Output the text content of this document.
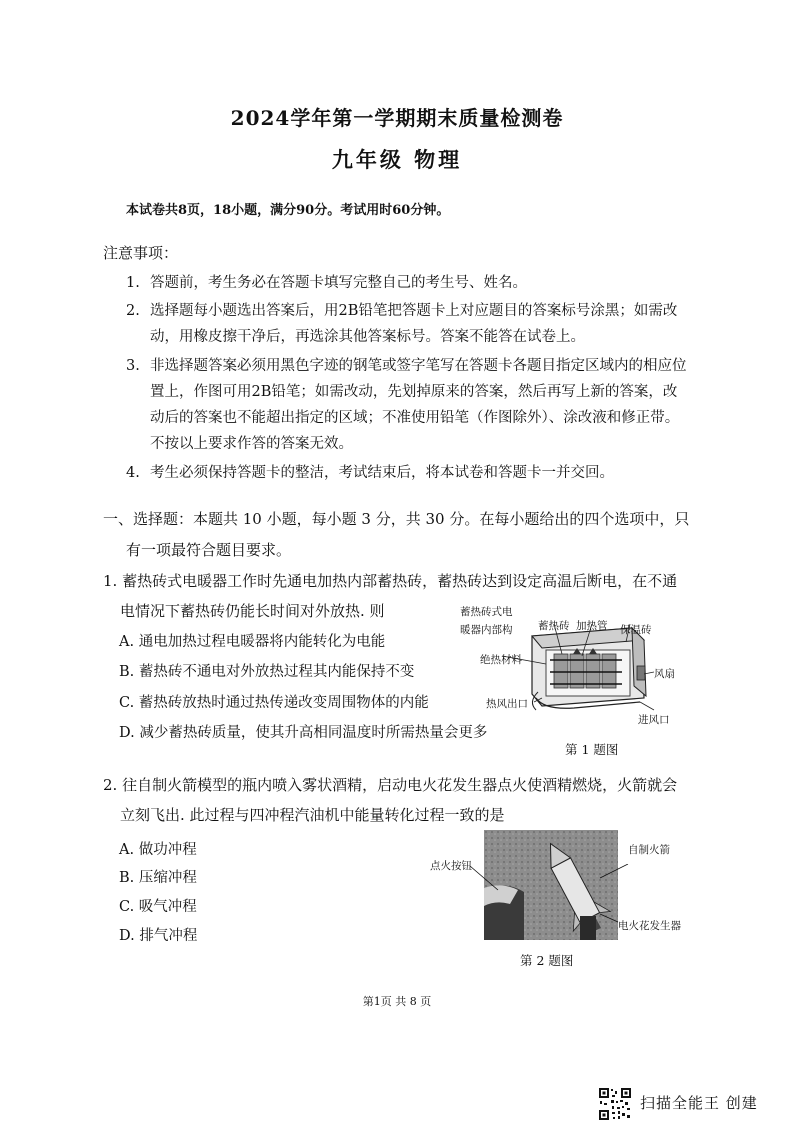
2024学年第一学期期末质量检测卷
九年级 物理
本试卷共8页，18小题，满分90分。考试用时60分钟。
注意事项：
1. 答题前，考生务必在答题卡填写完整自己的考生号、姓名。
2. 选择题每小题选出答案后，用2B铅笔把答题卡上对应题目的答案标号涂黑；如需改动，用橡皮擦干净后，再选涂其他答案标号。答案不能答在试卷上。
3. 非选择题答案必须用黑色字迹的钢笔或签字笔写在答题卡各题目指定区域内的相应位置上，作图可用2B铅笔；如需改动，先划掉原来的答案，然后再写上新的答案，改动后的答案也不能超出指定的区域；不准使用铅笔（作图除外）、涂改液和修正带。不按以上要求作答的答案无效。
4. 考生必须保持答题卡的整洁，考试结束后，将本试卷和答题卡一并交回。
一、选择题：本题共 10 小题，每小题 3 分，共 30 分。在每小题给出的四个选项中，只
有一项最符合题目要求。
1. 蓄热砖式电暖器工作时先通电加热内部蓄热砖，蓄热砖达到设定高温后断电，在不通
电情况下蓄热砖仍能长时间对外放热. 则
A. 通电加热过程电暖器将内能转化为电能
B. 蓄热砖不通电对外放热过程其内能保持不变
C. 蓄热砖放热时通过热传递改变周围物体的内能
D. 减少蓄热砖质量，使其升高相同温度时所需热量会更多
蓄热砖式电
暖器内部构 蓄热砖 加热管 保温砖
绝热材料
风扇
热风出口
进风口
第 1 题图
2. 往自制火箭模型的瓶内喷入雾状酒精，启动电火花发生器点火使酒精燃烧，火箭就会
立刻飞出. 此过程与四冲程汽油机中能量转化过程一致的是
A. 做功冲程
B. 压缩冲程
C. 吸气冲程
D. 排气冲程
点火按钮
自制火箭
电火花发生器
第 2 题图
第1页 共 8 页
扫描全能王 创建
